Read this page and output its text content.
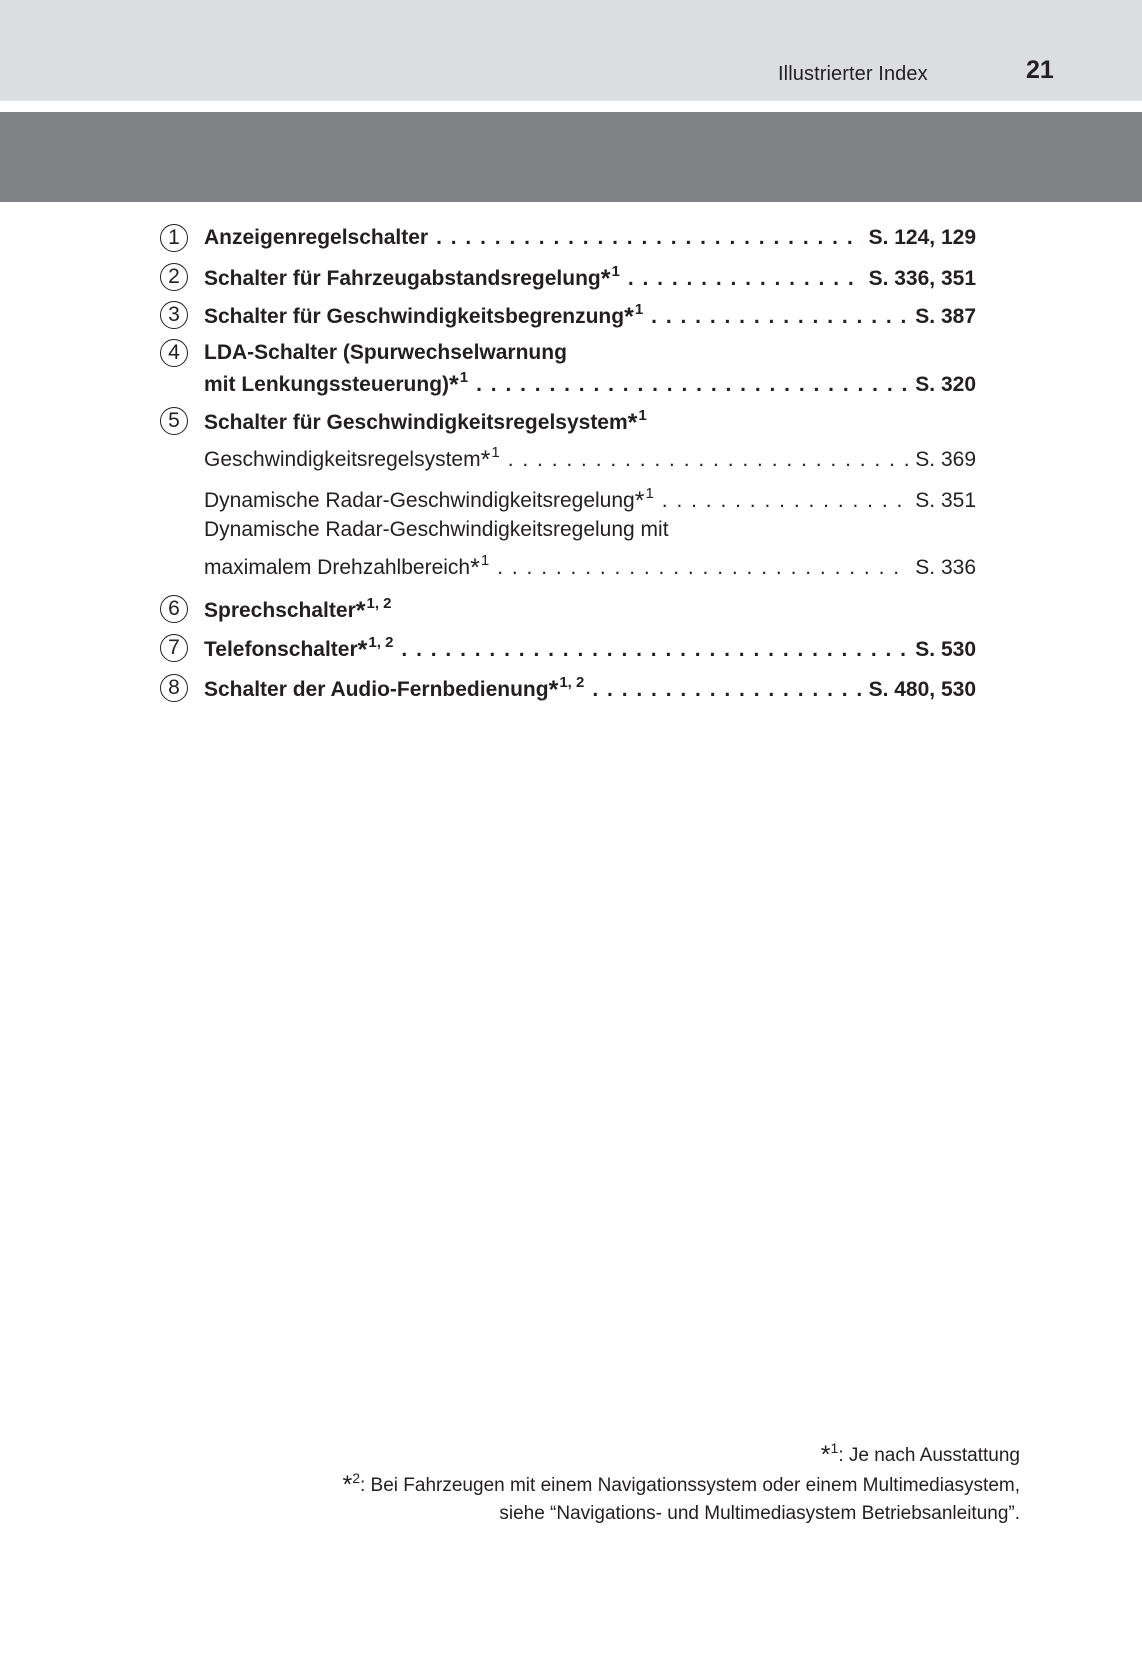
Illustrierter Index	21
1	Anzeigenregelschalter . . .	S. 124, 129
2	Schalter für Fahrzeugabstandsregelung * 1 . . .	S. 336, 351
3	Schalter für Geschwindigkeitsbegrenzung * 1 . . .	S. 387
4	LDA-Schalter (Spurwechselwarnung
mit Lenkungssteuerung) * 1 . . .	S. 320
5	Schalter für Geschwindigkeitsregelsystem * 1
Geschwindigkeitsregelsystem * 1 . . .	S. 369
Dynamische Radar-Geschwindigkeitsregelung * 1 . . .	S. 351
Dynamische Radar-Geschwindigkeitsregelung mit
maximalem Drehzahlbereich * 1 . . .	S. 336
6	Sprechschalter * 1, 2
7	Telefonschalter * 1, 2 . . .	S. 530
8	Schalter der Audio-Fernbedienung * 1, 2 . . .	S. 480, 530
*$^1$: Je nach Ausstattung
*$^2$: Bei Fahrzeugen mit einem Navigationssystem oder einem Multimediasystem,
siehe “Navigations- und Multimediasystem Betriebsanleitung”.
